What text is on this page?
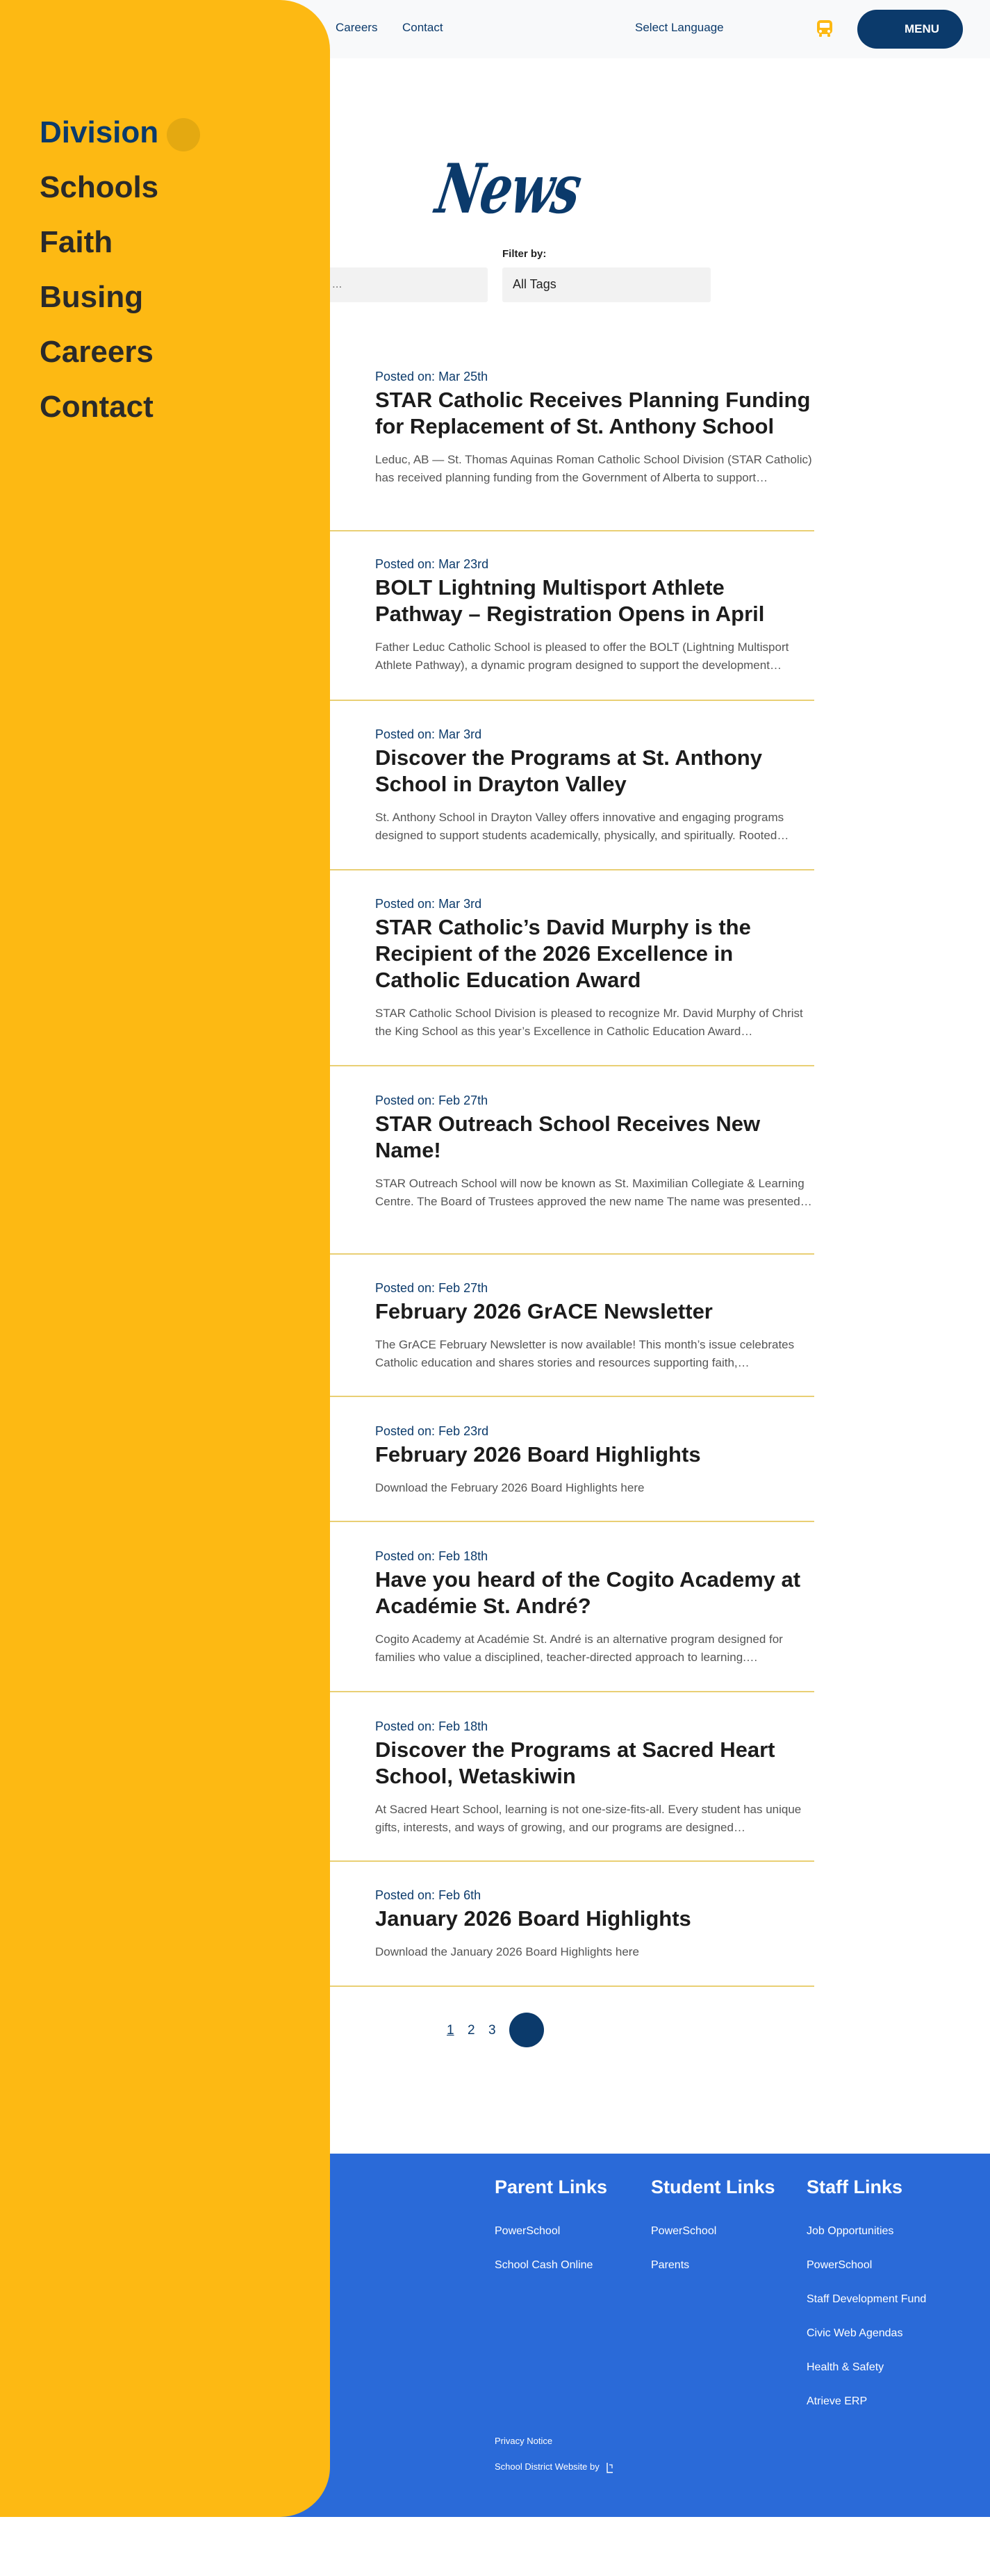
Careers Contact	Select Language	MENU
News
Filter by:
...	All Tags
Posted on: Mar 25th
STAR Catholic Receives Planning Funding for Replacement of St. Anthony School
Leduc, AB — St. Thomas Aquinas Roman Catholic School Division (STAR Catholic) has received planning funding from the Government of Alberta to support…
Posted on: Mar 23rd
BOLT Lightning Multisport Athlete Pathway – Registration Opens in April
Father Leduc Catholic School is pleased to offer the BOLT (Lightning Multisport Athlete Pathway), a dynamic program designed to support the development…
Posted on: Mar 3rd
Discover the Programs at St. Anthony School in Drayton Valley
St. Anthony School in Drayton Valley offers innovative and engaging programs designed to support students academically, physically, and spiritually. Rooted…
Posted on: Mar 3rd
STAR Catholic’s David Murphy is the Recipient of the 2026 Excellence in Catholic Education Award
STAR Catholic School Division is pleased to recognize Mr. David Murphy of Christ the King School as this year’s Excellence in Catholic Education Award…
Posted on: Feb 27th
STAR Outreach School Receives New Name!
STAR Outreach School will now be known as St. Maximilian Collegiate & Learning Centre. The Board of Trustees approved the new name The name was presented…
Posted on: Feb 27th
February 2026 GrACE Newsletter
The GrACE February Newsletter is now available! This month’s issue celebrates Catholic education and shares stories and resources supporting faith,…
Posted on: Feb 23rd
February 2026 Board Highlights
Download the February 2026 Board Highlights here
Posted on: Feb 18th
Have you heard of the Cogito Academy at Académie St. André?
Cogito Academy at Académie St. André is an alternative program designed for families who value a disciplined, teacher-directed approach to learning.…
Posted on: Feb 18th
Discover the Programs at Sacred Heart School, Wetaskiwin
At Sacred Heart School, learning is not one-size-fits-all. Every student has unique gifts, interests, and ways of growing, and our programs are designed…
Posted on: Feb 6th
January 2026 Board Highlights
Download the January 2026 Board Highlights here
1 2 3
Parent Links
PowerSchool
School Cash Online
Student Links
PowerSchool
Parents
Staff Links
Job Opportunities
PowerSchool
Staff Development Fund
Civic Web Agendas
Health & Safety
Atrieve ERP
Privacy Notice
School District Website by
Division
Schools
Faith
Busing
Careers
Contact
